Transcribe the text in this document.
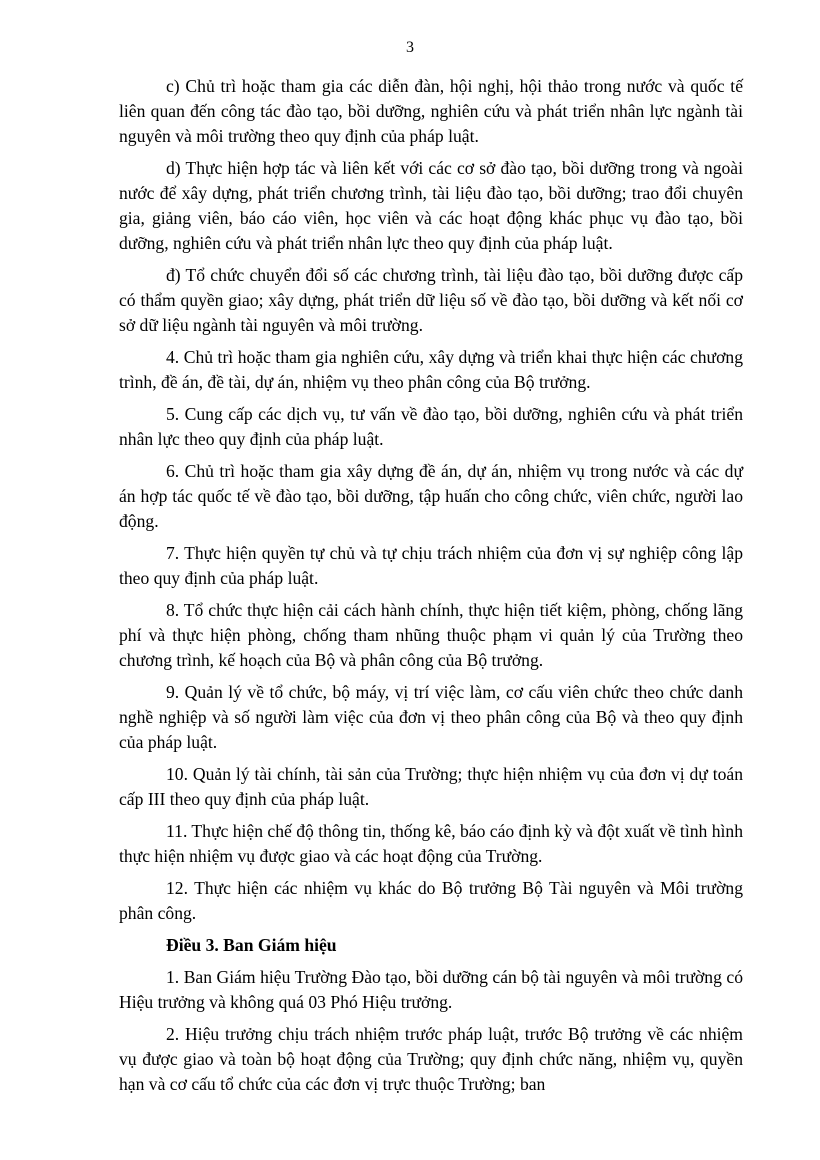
3

c) Chủ trì hoặc tham gia các diễn đàn, hội nghị, hội thảo trong nước và quốc tế liên quan đến công tác đào tạo, bồi dưỡng, nghiên cứu và phát triển nhân lực ngành tài nguyên và môi trường theo quy định của pháp luật.

d) Thực hiện hợp tác và liên kết với các cơ sở đào tạo, bồi dưỡng trong và ngoài nước để xây dựng, phát triển chương trình, tài liệu đào tạo, bồi dưỡng; trao đổi chuyên gia, giảng viên, báo cáo viên, học viên và các hoạt động khác phục vụ đào tạo, bồi dưỡng, nghiên cứu và phát triển nhân lực theo quy định của pháp luật.

đ) Tổ chức chuyển đổi số các chương trình, tài liệu đào tạo, bồi dưỡng được cấp có thẩm quyền giao; xây dựng, phát triển dữ liệu số về đào tạo, bồi dưỡng và kết nối cơ sở dữ liệu ngành tài nguyên và môi trường.

4. Chủ trì hoặc tham gia nghiên cứu, xây dựng và triển khai thực hiện các chương trình, đề án, đề tài, dự án, nhiệm vụ theo phân công của Bộ trưởng.

5. Cung cấp các dịch vụ, tư vấn về đào tạo, bồi dưỡng, nghiên cứu và phát triển nhân lực theo quy định của pháp luật.

6. Chủ trì hoặc tham gia xây dựng đề án, dự án, nhiệm vụ trong nước và các dự án hợp tác quốc tế về đào tạo, bồi dưỡng, tập huấn cho công chức, viên chức, người lao động.

7. Thực hiện quyền tự chủ và tự chịu trách nhiệm của đơn vị sự nghiệp công lập theo quy định của pháp luật.

8. Tổ chức thực hiện cải cách hành chính, thực hiện tiết kiệm, phòng, chống lãng phí và thực hiện phòng, chống tham nhũng thuộc phạm vi quản lý của Trường theo chương trình, kế hoạch của Bộ và phân công của Bộ trưởng.

9. Quản lý về tổ chức, bộ máy, vị trí việc làm, cơ cấu viên chức theo chức danh nghề nghiệp và số người làm việc của đơn vị theo phân công của Bộ và theo quy định của pháp luật.

10. Quản lý tài chính, tài sản của Trường; thực hiện nhiệm vụ của đơn vị dự toán cấp III theo quy định của pháp luật.

11. Thực hiện chế độ thông tin, thống kê, báo cáo định kỳ và đột xuất về tình hình thực hiện nhiệm vụ được giao và các hoạt động của Trường.

12. Thực hiện các nhiệm vụ khác do Bộ trưởng Bộ Tài nguyên và Môi trường phân công.

Điều 3. Ban Giám hiệu

1. Ban Giám hiệu Trường Đào tạo, bồi dưỡng cán bộ tài nguyên và môi trường có Hiệu trưởng và không quá 03 Phó Hiệu trưởng.

2. Hiệu trưởng chịu trách nhiệm trước pháp luật, trước Bộ trưởng về các nhiệm vụ được giao và toàn bộ hoạt động của Trường; quy định chức năng, nhiệm vụ, quyền hạn và cơ cấu tổ chức của các đơn vị trực thuộc Trường; ban
